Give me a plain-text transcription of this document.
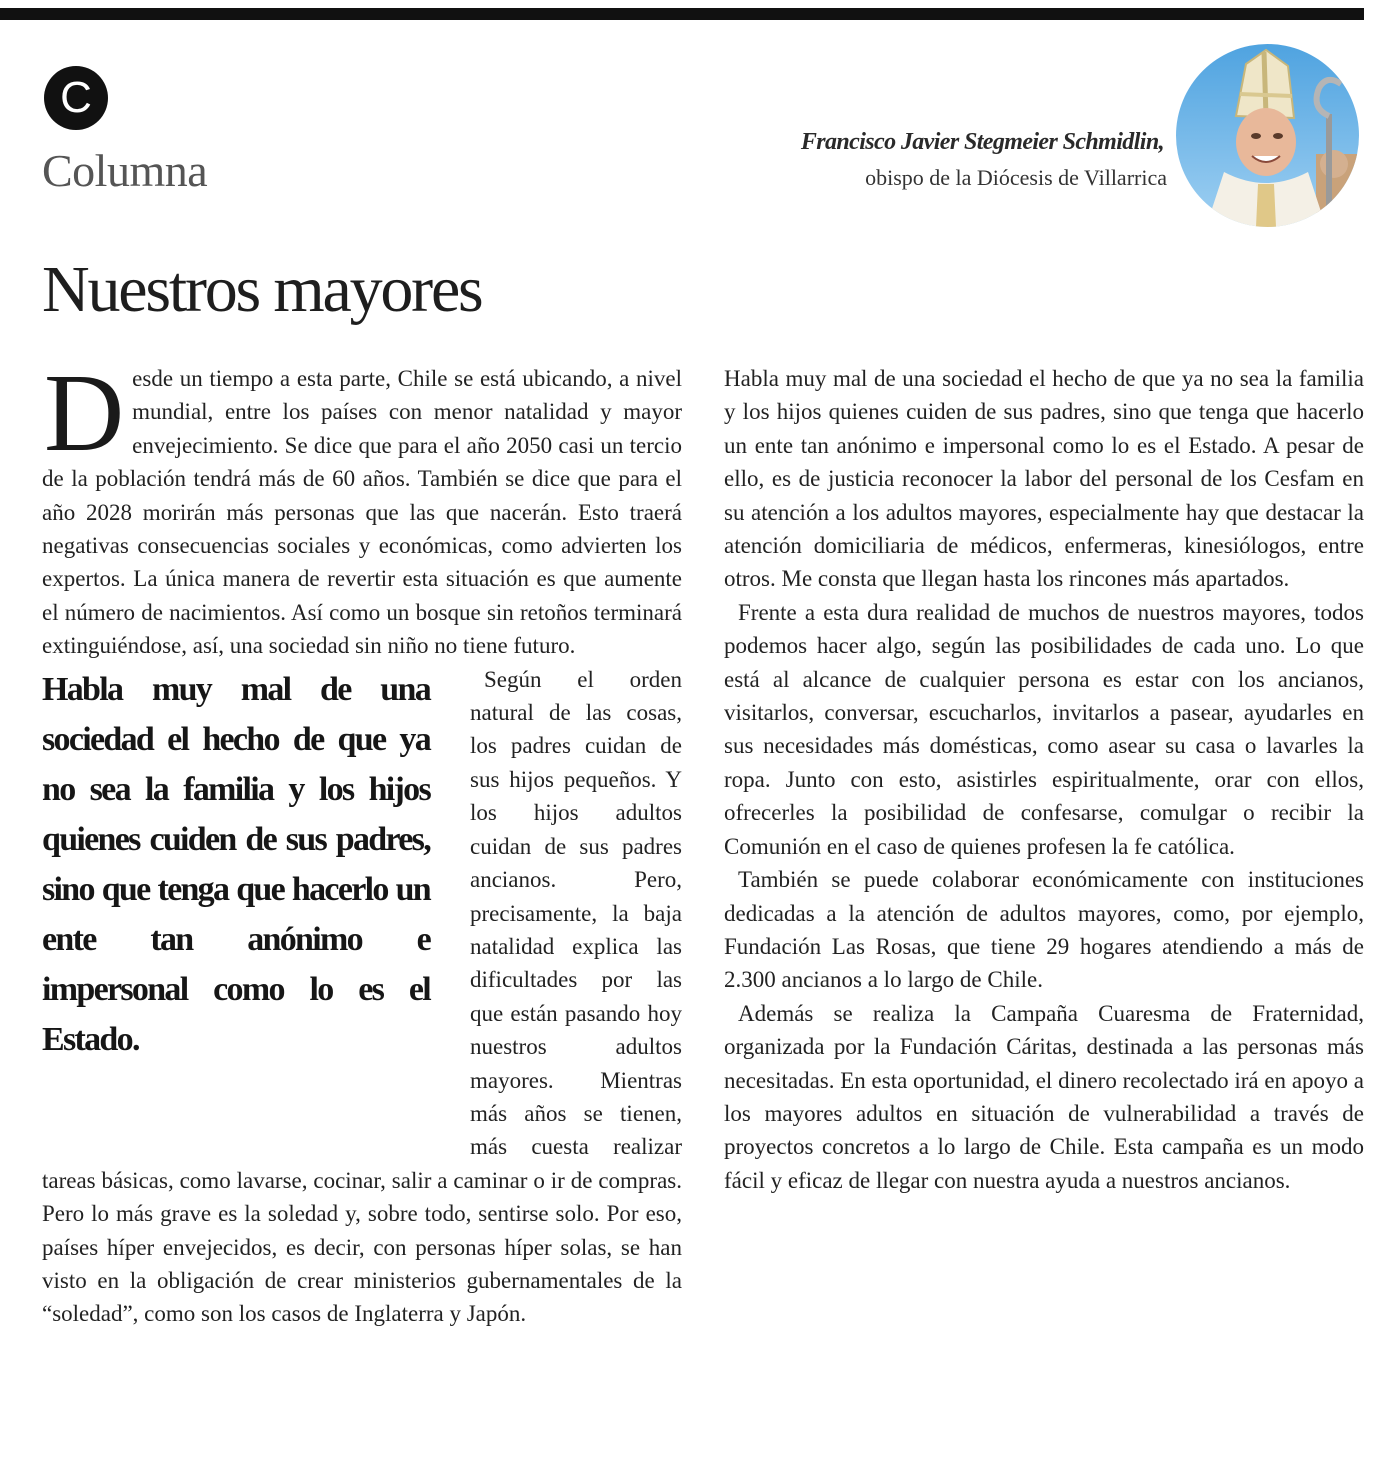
C
Columna
Francisco Javier Stegmeier Schmidlin,
obispo de la Diócesis de Villarrica
Nuestros mayores

Desde un tiempo a esta parte, Chile se está ubicando, a nivel mundial, entre los países con menor natalidad y mayor envejecimiento. Se dice que para el año 2050 casi un tercio de la población tendrá más de 60 años. También se dice que para el año 2028 morirán más personas que las que nacerán. Esto traerá negativas consecuencias sociales y económicas, como advierten los expertos. La única manera de revertir esta situación es que aumente el número de nacimientos. Así como un bosque sin retoños terminará extinguiéndose, así, una sociedad sin niño no tiene futuro.

Habla muy mal de una sociedad el hecho de que ya no sea la familia y los hijos quienes cuiden de sus padres, sino que tenga que hacerlo un ente tan anónimo e impersonal como lo es el Estado.
Según el orden natural de las cosas, los padres cuidan de sus hijos pequeños. Y los hijos adultos cuidan de sus padres ancianos. Pero, precisamente, la baja natalidad explica las dificultades por las que están pasando hoy nuestros adultos mayores. Mientras más años se tienen, más cuesta realizar tareas básicas, como lavarse, cocinar, salir a caminar o ir de compras. Pero lo más grave es la soledad y, sobre todo, sentirse solo. Por eso, países híper envejecidos, es decir, con personas híper solas, se han visto en la obligación de crear ministerios gubernamentales de la “soledad”, como son los casos de Inglaterra y Japón.

Habla muy mal de una sociedad el hecho de que ya no sea la familia y los hijos quienes cuiden de sus padres, sino que tenga que hacerlo un ente tan anónimo e impersonal como lo es el Estado. A pesar de ello, es de justicia reconocer la labor del personal de los Cesfam en su atención a los adultos mayores, especialmente hay que destacar la atención domiciliaria de médicos, enfermeras, kinesiólogos, entre otros. Me consta que llegan hasta los rincones más apartados.

Frente a esta dura realidad de muchos de nuestros mayores, todos podemos hacer algo, según las posibilidades de cada uno. Lo que está al alcance de cualquier persona es estar con los ancianos, visitarlos, conversar, escucharlos, invitarlos a pasear, ayudarles en sus necesidades más domésticas, como asear su casa o lavarles la ropa. Junto con esto, asistirles espiritualmente, orar con ellos, ofrecerles la posibilidad de confesarse, comulgar o recibir la Comunión en el caso de quienes profesen la fe católica.

También se puede colaborar económicamente con instituciones dedicadas a la atención de adultos mayores, como, por ejemplo, Fundación Las Rosas, que tiene 29 hogares atendiendo a más de 2.300 ancianos a lo largo de Chile.

Además se realiza la Campaña Cuaresma de Fraternidad, organizada por la Fundación Cáritas, destinada a las personas más necesitadas. En esta oportunidad, el dinero recolectado irá en apoyo a los mayores adultos en situación de vulnerabilidad a través de proyectos concretos a lo largo de Chile. Esta campaña es un modo fácil y eficaz de llegar con nuestra ayuda a nuestros ancianos.
